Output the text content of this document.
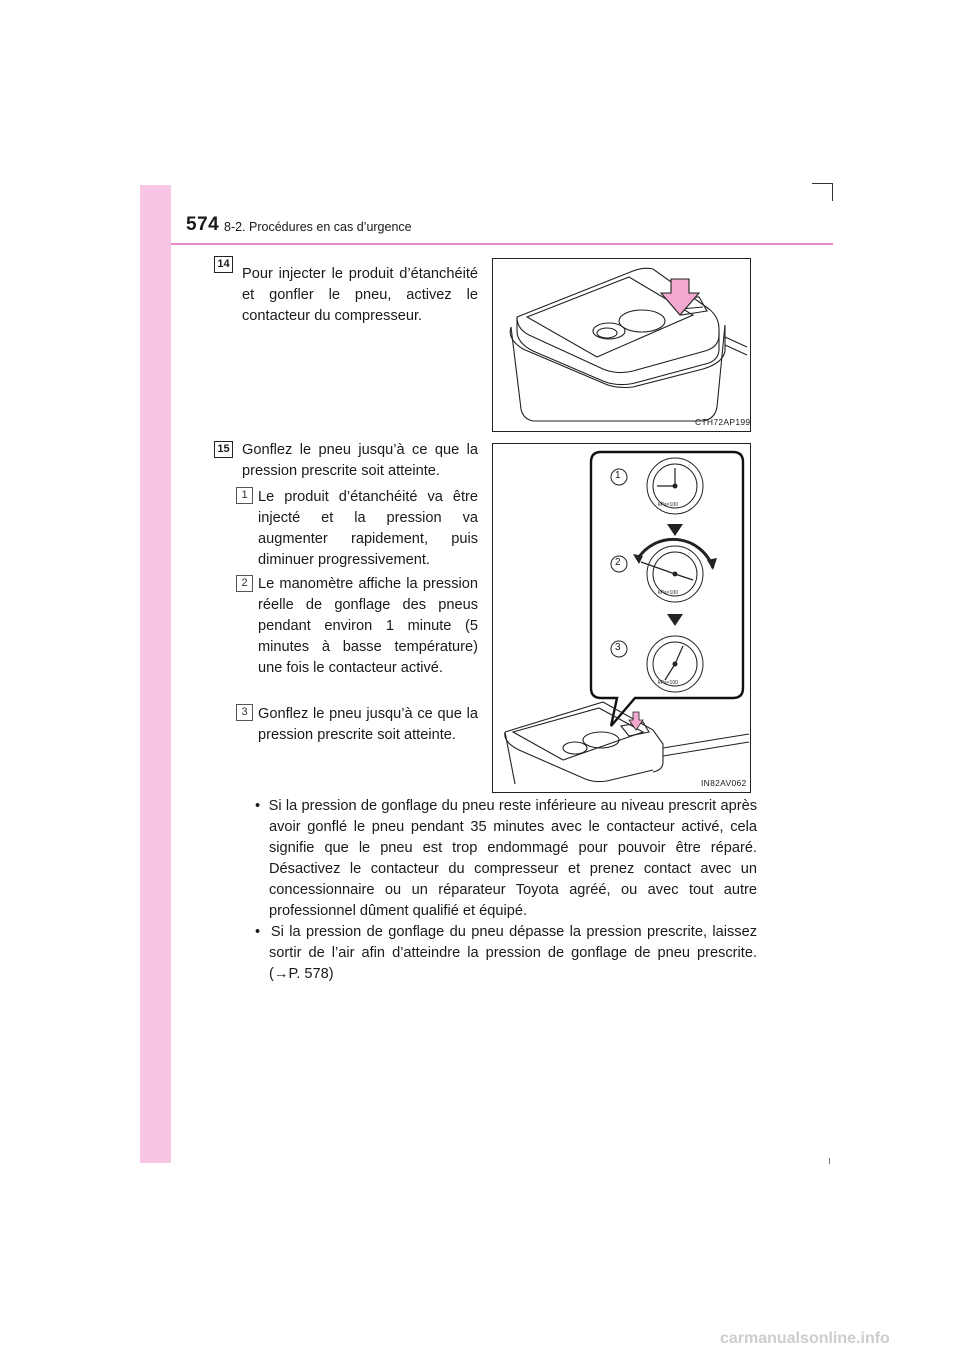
574 8-2. Procédures en cas d’urgence
14
Pour injecter le produit d’étanchéité et gonfler le pneu, activez le contacteur du compresseur.
CTH72AP199
15 Gonflez le pneu jusqu’à ce que la pression prescrite soit atteinte.
1 Le produit d’étanchéité va être injecté et la pression va augmenter rapidement, puis diminuer progressivement.
2 Le manomètre affiche la pression réelle de gonflage des pneus pendant environ 1 minute (5 minutes à basse température) une fois le contacteur activé.
3 Gonflez le pneu jusqu’à ce que la pression prescrite soit atteinte.
kPa×100
kPa×100
kPa×100
1
2
3
IN82AV062
•  Si la pression de gonflage du pneu reste inférieure au niveau prescrit après avoir gonflé le pneu pendant 35 minutes avec le contacteur activé, cela signifie que le pneu est trop endommagé pour pouvoir être réparé. Désactivez le contacteur du compresseur et prenez contact avec un concessionnaire ou un réparateur Toyota agréé, ou avec tout autre professionnel dûment qualifié et équipé.
•  Si la pression de gonflage du pneu dépasse la pression prescrite, laissez sortir de l’air afin d’atteindre la pression de gonflage de pneu prescrite. (→P. 578)
carmanualsonline.info
